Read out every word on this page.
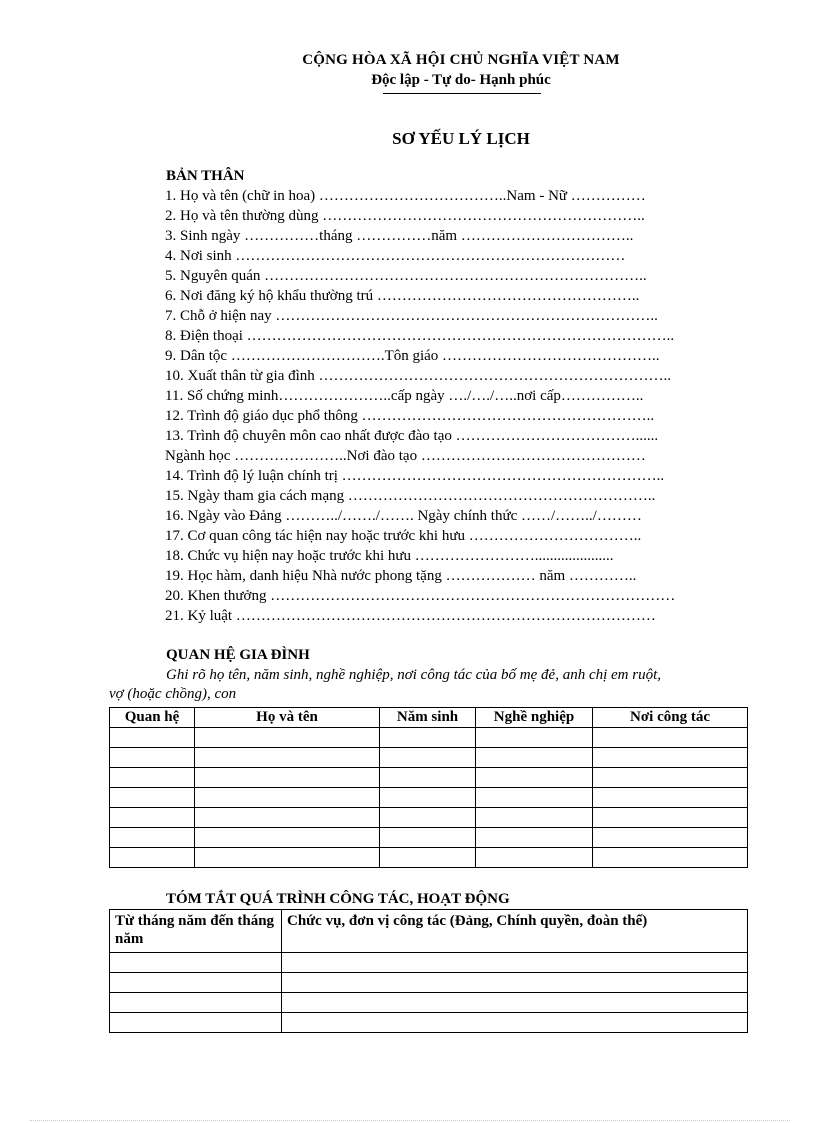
CỘNG HÒA XÃ HỘI CHỦ NGHĨA VIỆT NAM
Độc lập - Tự do- Hạnh phúc
SƠ YẾU LÝ LỊCH
BẢN THÂN
1. Họ và tên (chữ in hoa) ………………………………..Nam - Nữ ……………
2. Họ và tên thường dùng ………………………………………………………..
3. Sinh ngày ……………tháng ……………năm ……………………………..
4. Nơi sinh ……………………………………………………………………
5. Nguyên quán …………………………………………………………………..
6. Nơi đăng ký hộ khẩu thường trú ……………………………………………..
7. Chỗ ở hiện nay …………………………………………………………………..
8. Điện thoại …………………………………………………………………………..
9. Dân tộc ………………………….Tôn giáo ……………………………………..
10. Xuất thân từ gia đình ……………………………………………………………..
11. Số chứng minh…………………..cấp ngày …./…./…..nơi cấp……………..
12. Trình độ giáo dục phổ thông …………………………………………………..
13. Trình độ chuyên môn cao nhất được đào tạo ………………………………......
Ngành học …………………..Nơi đào tạo ………………………………………
14. Trình độ lý luận chính trị ………………………………………………………..
15. Ngày tham gia cách mạng ……………………………………………………..
16. Ngày vào Đảng ………../……./……. Ngày chính thức ……/……../………
17. Cơ quan công tác hiện nay hoặc trước khi hưu ……………………………..
18. Chức vụ hiện nay hoặc trước khi hưu …………………….....................
19. Học hàm, danh hiệu Nhà nước phong tặng ……………… năm …………..
20. Khen thưởng ………………………………………………………………………
21. Kỷ luật …………………………………………………………………………
QUAN HỆ GIA ĐÌNH
Ghi rõ họ tên, năm sinh, nghề nghiệp, nơi công tác của bố mẹ đẻ, anh chị em ruột,
vợ (hoặc chồng), con
Quan hệ	Họ và tên	Năm sinh	Nghề nghiệp	Nơi công tác

TÓM TẮT QUÁ TRÌNH CÔNG TÁC, HOẠT ĐỘNG
Từ tháng năm đến tháng năm	Chức vụ, đơn vị công tác (Đảng, Chính quyền, đoàn thể)
